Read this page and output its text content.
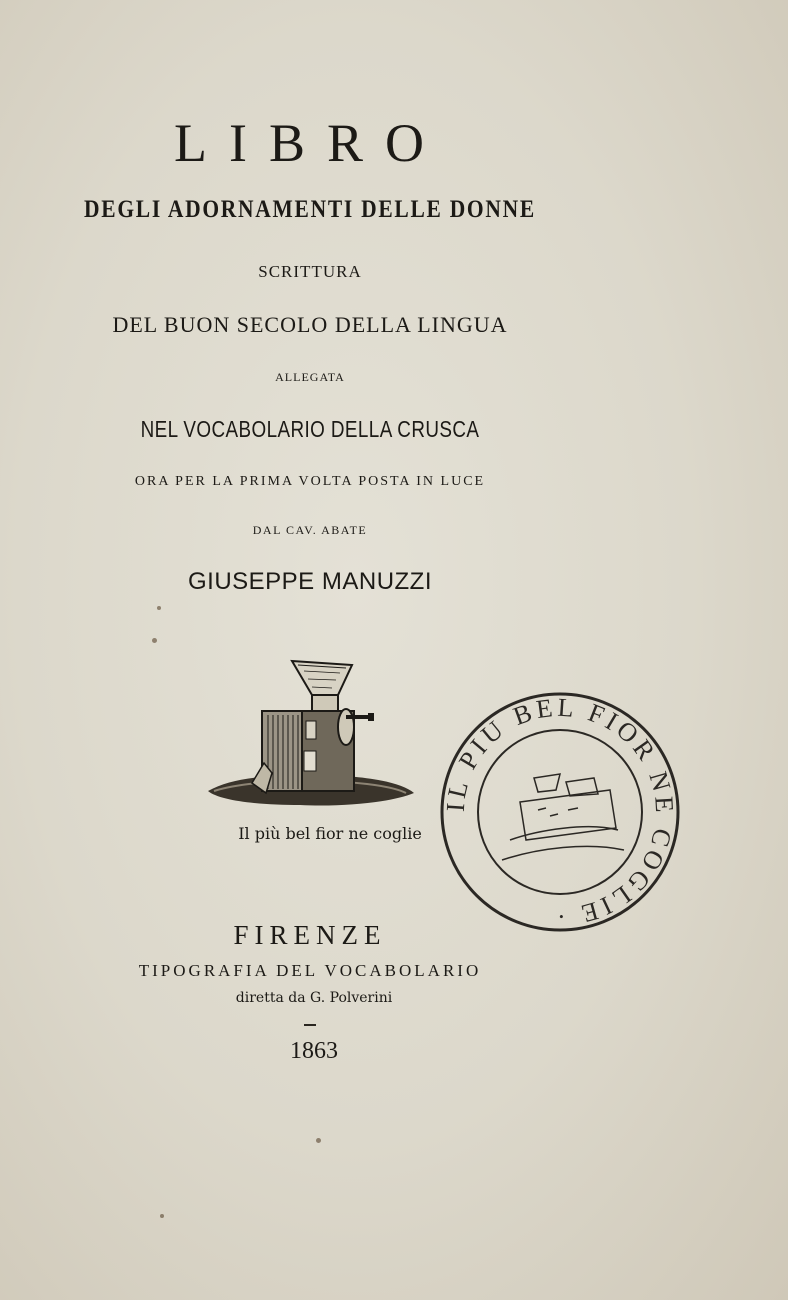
LIBRO
DEGLI ADORNAMENTI DELLE DONNE
SCRITTURA
DEL BUON SECOLO DELLA LINGUA
ALLEGATA
NEL VOCABOLARIO DELLA CRUSCA
ORA PER LA PRIMA VOLTA POSTA IN LUCE
DAL CAV. ABATE
GIUSEPPE MANUZZI
Il più bel fior ne coglie
IL PIU BEL FIOR NE COGLIE ·
FIRENZE
TIPOGRAFIA DEL VOCABOLARIO
diretta da G. Polverini
1863
